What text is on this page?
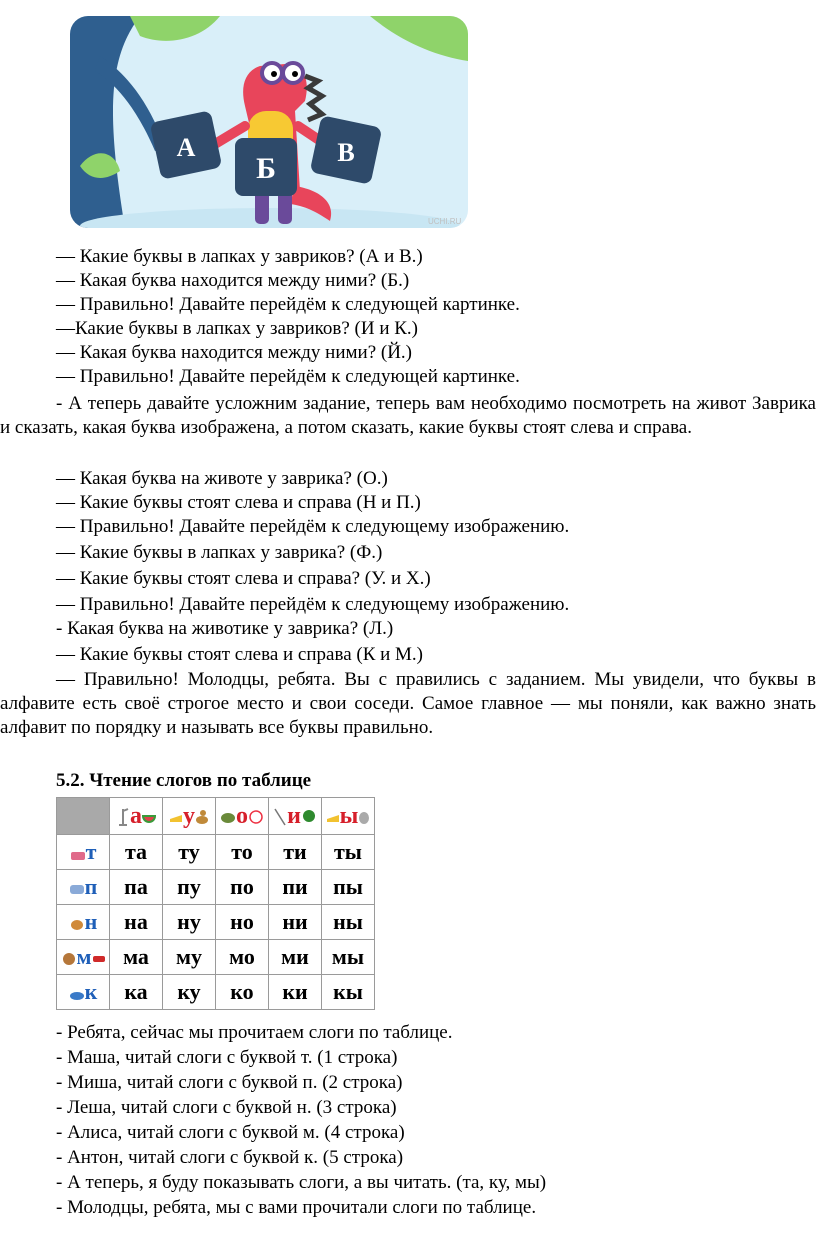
А
Б В
UCHI.RU
— Какие буквы в лапках у завриков? (А и В.)
— Какая буква находится между ними? (Б.)
— Правильно! Давайте перейдём к следующей картинке.
—Какие буквы в лапках у завриков? (И и К.)
— Какая буква находится между ними? (Й.)
— Правильно! Давайте перейдём к следующей картинке.
- А теперь давайте усложним задание, теперь вам необходимо посмотреть на живот Заврика и сказать, какая буква изображена, а потом сказать, какие буквы стоят слева и справа.
— Какая буква на животе у заврика? (О.)
— Какие буквы стоят слева и справа (Н и П.)
— Правильно! Давайте перейдём к следующему изображению.
— Какие буквы в лапках у заврика? (Ф.)
— Какие буквы стоят слева и справа? (У. и Х.)
— Правильно! Давайте перейдём к следующему изображению.
- Какая буква на животике у заврика? (Л.)
— Какие буквы стоят слева и справа (К и М.)
— Правильно! Молодцы, ребята. Вы с правились с заданием. Мы увидели, что буквы в алфавите есть своё строгое место и свои соседи. Самое главное — мы поняли, как важно знать алфавит по порядку и называть все буквы правильно.
5.2. Чтение слогов по таблице
	а	у	о	и	ы
т	та	ту	то	ти	ты
п	па	пу	по	пи	пы
н	на	ну	но	ни	ны
м	ма	му	мо	ми	мы
к	ка	ку	ко	ки	кы
- Ребята, сейчас мы прочитаем слоги по таблице.
- Маша, читай слоги с буквой т. (1 строка)
- Миша, читай слоги с буквой п. (2 строка)
- Леша, читай слоги с буквой н. (3 строка)
- Алиса, читай слоги с буквой м. (4 строка)
- Антон, читай слоги с буквой к. (5 строка)
- А теперь, я буду показывать слоги, а вы читать. (та, ку, мы)
- Молодцы, ребята, мы с вами прочитали слоги по таблице.
